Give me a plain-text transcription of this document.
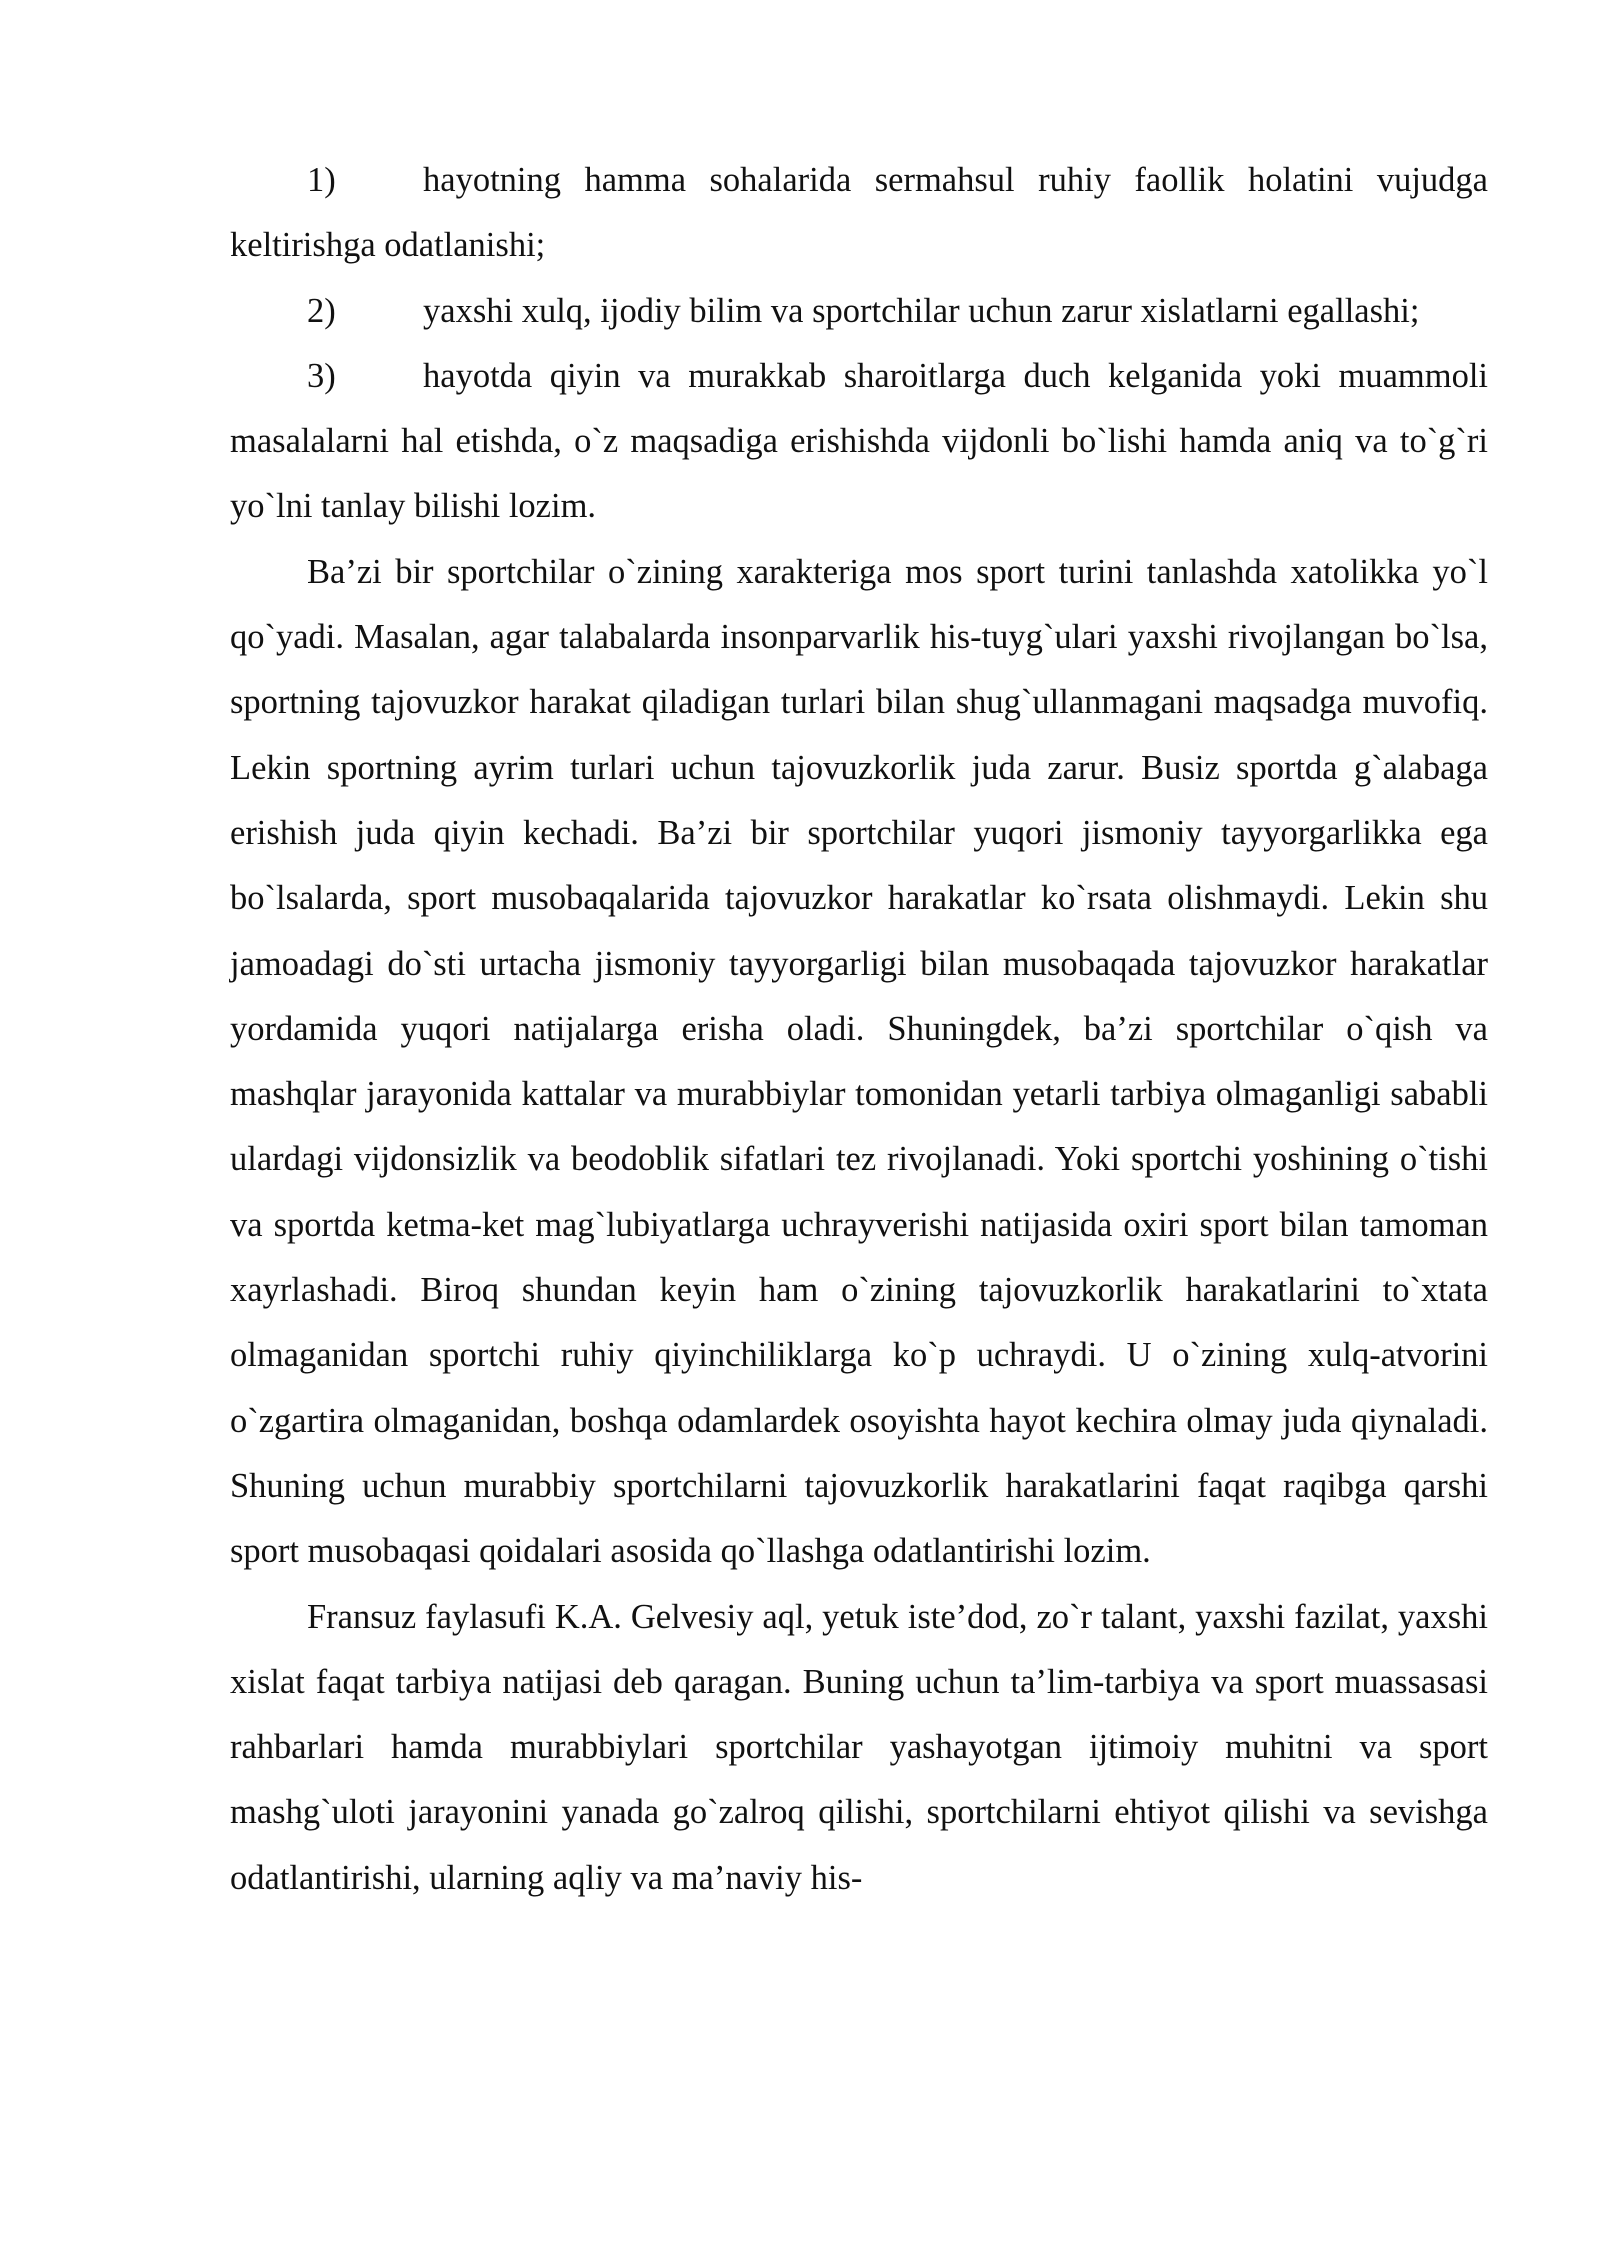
1)	hayotning hamma sohalarida sermahsul ruhiy faollik holatini vujudga keltirishga odatlanishi;

2)	yaxshi xulq, ijodiy bilim va sportchilar uchun zarur xislatlarni egallashi;

3)	hayotda qiyin va murakkab sharoitlarga duch kelganida yoki muammoli masalalarni hal etishda, o`z maqsadiga erishishda vijdonli bo`lishi hamda aniq va to`g`ri yo`lni tanlay bilishi lozim.

Ba’zi bir sportchilar o`zining xarakteriga mos sport turini tanlashda xatolikka yo`l qo`yadi. Masalan, agar talabalarda insonparvarlik his-tuyg`ulari yaxshi rivojlangan bo`lsa, sportning tajovuzkor harakat qiladigan turlari bilan shug`ullanmagani maqsadga muvofiq. Lekin sportning ayrim turlari uchun tajovuzkorlik juda zarur. Busiz sportda g`alabaga erishish juda qiyin kechadi. Ba’zi bir sportchilar yuqori jismoniy tayyorgarlikka ega bo`lsalarda, sport musobaqalarida tajovuzkor harakatlar ko`rsata olishmaydi. Lekin shu jamoadagi do`sti urtacha jismoniy tayyorgarligi bilan musobaqada tajovuzkor harakatlar yordamida yuqori natijalarga erisha oladi. Shuningdek, ba’zi sportchilar o`qish va mashqlar jarayonida kattalar va murabbiylar tomonidan yetarli tarbiya olmaganligi sababli ulardagi vijdonsizlik va beodoblik sifatlari tez rivojlanadi. Yoki sportchi yoshining o`tishi va sportda ketma-ket mag`lubiyatlarga uchrayverishi natijasida oxiri sport bilan tamoman xayrlashadi. Biroq shundan keyin ham o`zining tajovuzkorlik harakatlarini to`xtata olmaganidan sportchi ruhiy qiyinchiliklarga ko`p uchraydi. U o`zining xulq-atvorini o`zgartira olmaganidan, boshqa odamlardek osoyishta hayot kechira olmay juda qiynaladi. Shuning uchun murabbiy sportchilarni tajovuzkorlik harakatlarini faqat raqibga qarshi sport musobaqasi qoidalari asosida qo`llashga odatlantirishi lozim.

Fransuz faylasufi K.A. Gelvesiy aql, yetuk iste’dod, zo`r talant, yaxshi fazilat, yaxshi xislat faqat tarbiya natijasi deb qaragan. Buning uchun ta’lim-tarbiya va sport muassasasi rahbarlari hamda murabbiylari sportchilar yashayotgan ijtimoiy muhitni va sport mashg`uloti jarayonini yanada go`zalroq qilishi, sportchilarni ehtiyot qilishi va sevishga odatlantirishi, ularning aqliy va ma’naviy his-
